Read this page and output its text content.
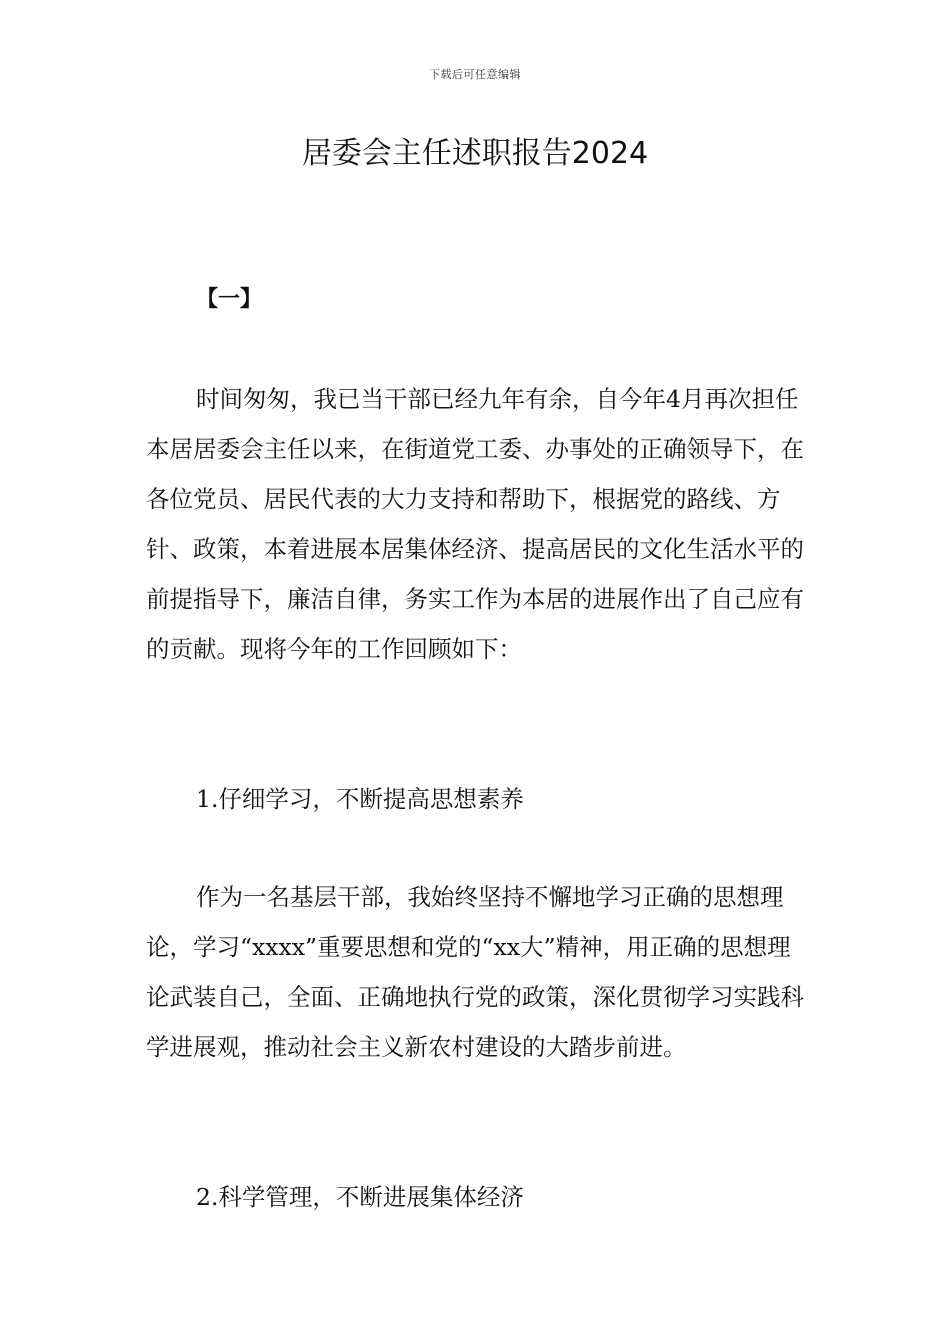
下载后可任意编辑
居委会主任述职报告2024
【一】

时间匆匆，我已当干部已经九年有余，自今年4月再次担任本居居委会主任以来，在街道党工委、办事处的正确领导下，在各位党员、居民代表的大力支持和帮助下，根据党的路线、方针、政策，本着进展本居集体经济、提高居民的文化生活水平的前提指导下，廉洁自律，务实工作为本居的进展作出了自己应有的贡献。现将今年的工作回顾如下：

1.仔细学习，不断提高思想素养

作为一名基层干部，我始终坚持不懈地学习正确的思想理论，学习“xxxx”重要思想和党的“xx大”精神，用正确的思想理论武装自己，全面、正确地执行党的政策，深化贯彻学习实践科学进展观，推动社会主义新农村建设的大踏步前进。

2.科学管理，不断进展集体经济
